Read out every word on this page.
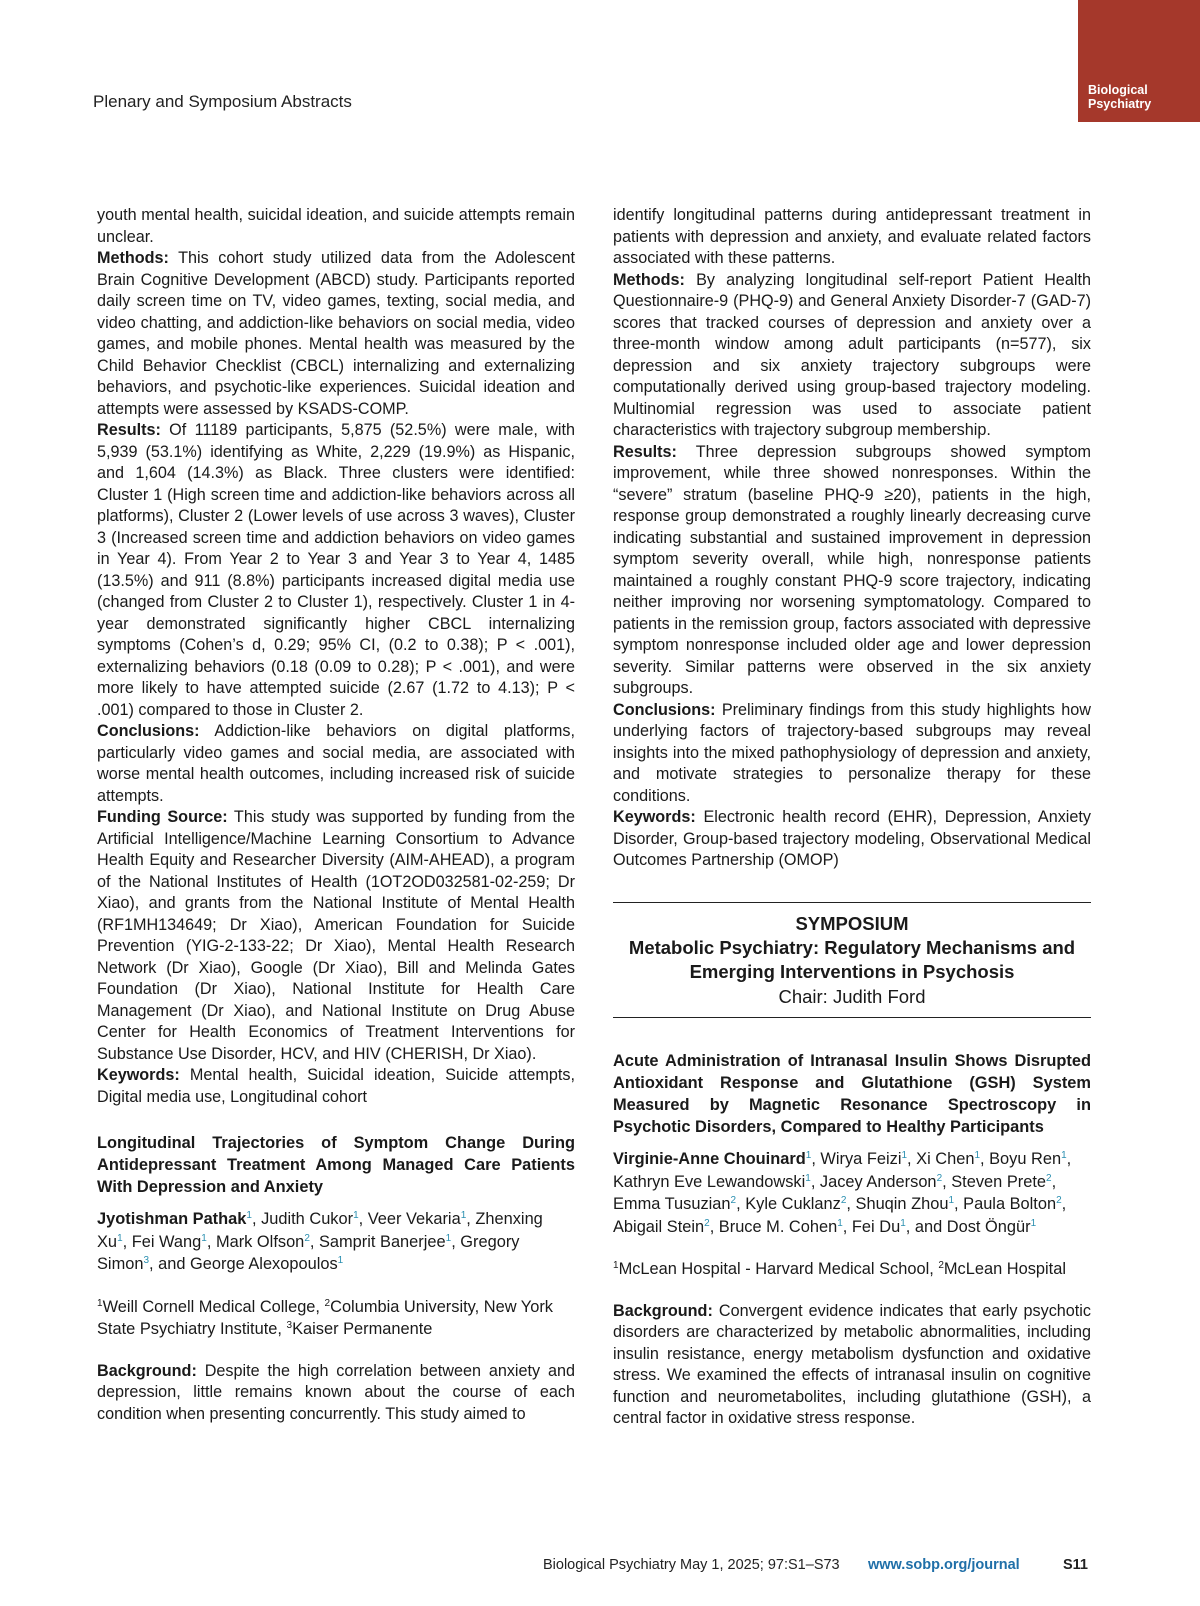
Plenary and Symposium Abstracts
Biological
Psychiatry

youth mental health, suicidal ideation, and suicide attempts remain unclear.

Methods: This cohort study utilized data from the Adolescent Brain Cognitive Development (ABCD) study. Participants reported daily screen time on TV, video games, texting, social media, and video chatting, and addiction-like behaviors on social media, video games, and mobile phones. Mental health was measured by the Child Behavior Checklist (CBCL) internalizing and externalizing behaviors, and psychotic-like experiences. Suicidal ideation and attempts were assessed by KSADS-COMP.

Results: Of 11189 participants, 5,875 (52.5%) were male, with 5,939 (53.1%) identifying as White, 2,229 (19.9%) as Hispanic, and 1,604 (14.3%) as Black. Three clusters were identified: Cluster 1 (High screen time and addiction-like behaviors across all platforms), Cluster 2 (Lower levels of use across 3 waves), Cluster 3 (Increased screen time and addiction behaviors on video games in Year 4). From Year 2 to Year 3 and Year 3 to Year 4, 1485 (13.5%) and 911 (8.8%) participants increased digital media use (changed from Cluster 2 to Cluster 1), respectively. Cluster 1 in 4-year demonstrated significantly higher CBCL internalizing symptoms (Cohen’s d, 0.29; 95% CI, (0.2 to 0.38); P < .001), externalizing behaviors (0.18 (0.09 to 0.28); P < .001), and were more likely to have attempted suicide (2.67 (1.72 to 4.13); P < .001) compared to those in Cluster 2.

Conclusions: Addiction-like behaviors on digital platforms, particularly video games and social media, are associated with worse mental health outcomes, including increased risk of suicide attempts.

Funding Source: This study was supported by funding from the Artificial Intelligence/Machine Learning Consortium to Advance Health Equity and Researcher Diversity (AIM-AHEAD), a program of the National Institutes of Health (1OT2OD032581-02-259; Dr Xiao), and grants from the National Institute of Mental Health (RF1MH134649; Dr Xiao), American Foundation for Suicide Prevention (YIG-2-133-22; Dr Xiao), Mental Health Research Network (Dr Xiao), Google (Dr Xiao), Bill and Melinda Gates Foundation (Dr Xiao), National Institute for Health Care Management (Dr Xiao), and National Institute on Drug Abuse Center for Health Economics of Treatment Interventions for Substance Use Disorder, HCV, and HIV (CHERISH, Dr Xiao).

Keywords: Mental health, Suicidal ideation, Suicide attempts, Digital media use, Longitudinal cohort

Longitudinal Trajectories of Symptom Change During Antidepressant Treatment Among Managed Care Patients With Depression and Anxiety

Jyotishman Pathak$^1$, Judith Cukor$^1$, Veer Vekaria$^1$, Zhenxing Xu$^1$, Fei Wang$^1$, Mark Olfson$^2$, Samprit Banerjee$^1$, Gregory Simon$^3$, and George Alexopoulos$^1$

$^1$Weill Cornell Medical College, $^2$Columbia University, New York State Psychiatry Institute, $^3$Kaiser Permanente

Background: Despite the high correlation between anxiety and depression, little remains known about the course of each condition when presenting concurrently. This study aimed to

identify longitudinal patterns during antidepressant treatment in patients with depression and anxiety, and evaluate related factors associated with these patterns.

Methods: By analyzing longitudinal self-report Patient Health Questionnaire-9 (PHQ-9) and General Anxiety Disorder-7 (GAD-7) scores that tracked courses of depression and anxiety over a three-month window among adult participants (n=577), six depression and six anxiety trajectory subgroups were computationally derived using group-based trajectory modeling. Multinomial regression was used to associate patient characteristics with trajectory subgroup membership.

Results: Three depression subgroups showed symptom improvement, while three showed nonresponses. Within the “severe” stratum (baseline PHQ-9 ≥20), patients in the high, response group demonstrated a roughly linearly decreasing curve indicating substantial and sustained improvement in depression symptom severity overall, while high, nonresponse patients maintained a roughly constant PHQ-9 score trajectory, indicating neither improving nor worsening symptomatology. Compared to patients in the remission group, factors associated with depressive symptom nonresponse included older age and lower depression severity. Similar patterns were observed in the six anxiety subgroups.

Conclusions: Preliminary findings from this study highlights how underlying factors of trajectory-based subgroups may reveal insights into the mixed pathophysiology of depression and anxiety, and motivate strategies to personalize therapy for these conditions.

Keywords: Electronic health record (EHR), Depression, Anxiety Disorder, Group-based trajectory modeling, Observational Medical Outcomes Partnership (OMOP)

SYMPOSIUM
Metabolic Psychiatry: Regulatory Mechanisms and Emerging Interventions in Psychosis
Chair: Judith Ford

Acute Administration of Intranasal Insulin Shows Disrupted Antioxidant Response and Glutathione (GSH) System Measured by Magnetic Resonance Spectroscopy in Psychotic Disorders, Compared to Healthy Participants

Virginie-Anne Chouinard$^1$, Wirya Feizi$^1$, Xi Chen$^1$, Boyu Ren$^1$, Kathryn Eve Lewandowski$^1$, Jacey Anderson$^2$, Steven Prete$^2$, Emma Tusuzian$^2$, Kyle Cuklanz$^2$, Shuqin Zhou$^1$, Paula Bolton$^2$, Abigail Stein$^2$, Bruce M. Cohen$^1$, Fei Du$^1$, and Dost Öngür$^1$

$^1$McLean Hospital - Harvard Medical School, $^2$McLean Hospital

Background: Convergent evidence indicates that early psychotic disorders are characterized by metabolic abnormalities, including insulin resistance, energy metabolism dysfunction and oxidative stress. We examined the effects of intranasal insulin on cognitive function and neurometabolites, including glutathione (GSH), a central factor in oxidative stress response.

Biological Psychiatry May 1, 2025; 97:S1–S73 www.sobp.org/journal	S11
